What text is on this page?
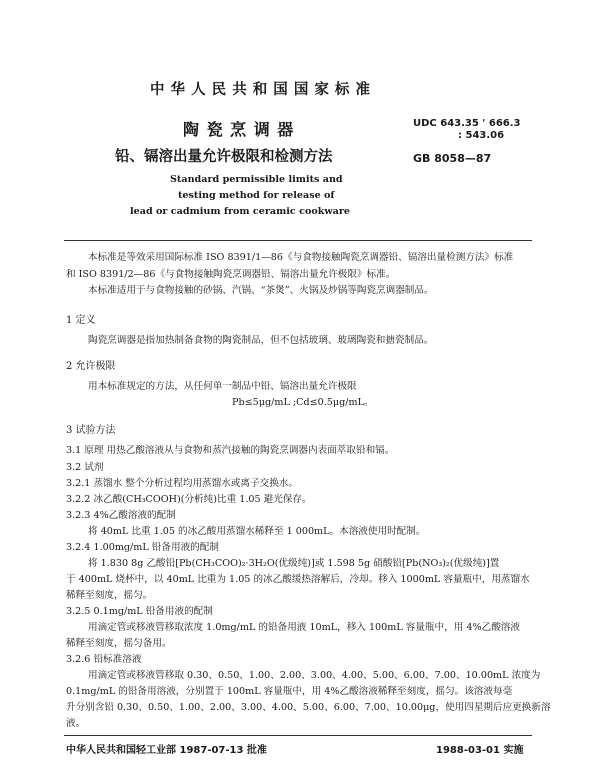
中 华 人 民 共 和 国 国 家 标 准
陶 瓷 烹 调 器
铅、镉溶出量允许极限和检测方法
UDC 643.35 ' 666.3
: 543.06
GB 8058—87
Standard permissible limits and
testing method for release of
lead or cadmium from ceramic cookware
本标准是等效采用国际标准 ISO 8391/1—86《与食物接触陶瓷烹调器铅、镉溶出量检测方法》标准
和 ISO 8391/2—86《与食物接触陶瓷烹调器铅、镉溶出量允许极限》标准。
本标准适用于与食物接触的砂锅、汽锅、“茶煲”、火锅及炒锅等陶瓷烹调器制品。
1 定义
陶瓷烹调器是指加热制备食物的陶瓷制品，但不包括玻璃、玻璃陶瓷和搪瓷制品。
2 允许极限
用本标准规定的方法，从任何单一制品中铅、镉溶出量允许极限
Pb≤5μg/mL ;Cd≤0.5μg/mL。
3 试验方法
3.1 原理 用热乙酸溶液从与食物和蒸汽接触的陶瓷烹调器内表面萃取铅和镉。
3.2 试剂
3.2.1 蒸馏水 整个分析过程均用蒸馏水或离子交换水。
3.2.2 冰乙酸(CH₃COOH)(分析纯)比重 1.05 避光保存。
3.2.3 4%乙酸溶液的配制
将 40mL 比重 1.05 的冰乙酸用蒸馏水稀释至 1 000mL。本溶液使用时配制。
3.2.4 1.00mg/mL 铅备用液的配制
将 1.830 8g 乙酸铅[Pb(CH₃COO)₂·3H₂O(优级纯)]或 1.598 5g 硝酸铅[Pb(NO₃)₂(优级纯)]置
于 400mL 烧杯中，以 40mL 比重为 1.05 的冰乙酸缓热溶解后，冷却。移入 1000mL 容量瓶中，用蒸馏水
稀释至刻度，摇匀。
3.2.5 0.1mg/mL 铅备用液的配制
用滴定管或移液管移取浓度 1.0mg/mL 的铅备用液 10mL，移入 100mL 容量瓶中，用 4%乙酸溶液
稀释至刻度，摇匀备用。
3.2.6 铅标准溶液
用滴定管或移液管移取 0.30、0.50、1.00、2.00、3.00、4.00、5.00、6.00、7.00、10.00mL 浓度为
0.1mg/mL 的铅备用溶液，分别置于 100mL 容量瓶中，用 4%乙酸溶液稀释至刻度，摇匀。该溶液每毫
升分别含铅 0.30、0.50、1.00、2.00、3.00、4.00、5.00、6.00、7.00、10.00μg，使用四星期后应更换新溶
液。
中华人民共和国轻工业部 1987-07-13 批准	1988-03-01 实施
